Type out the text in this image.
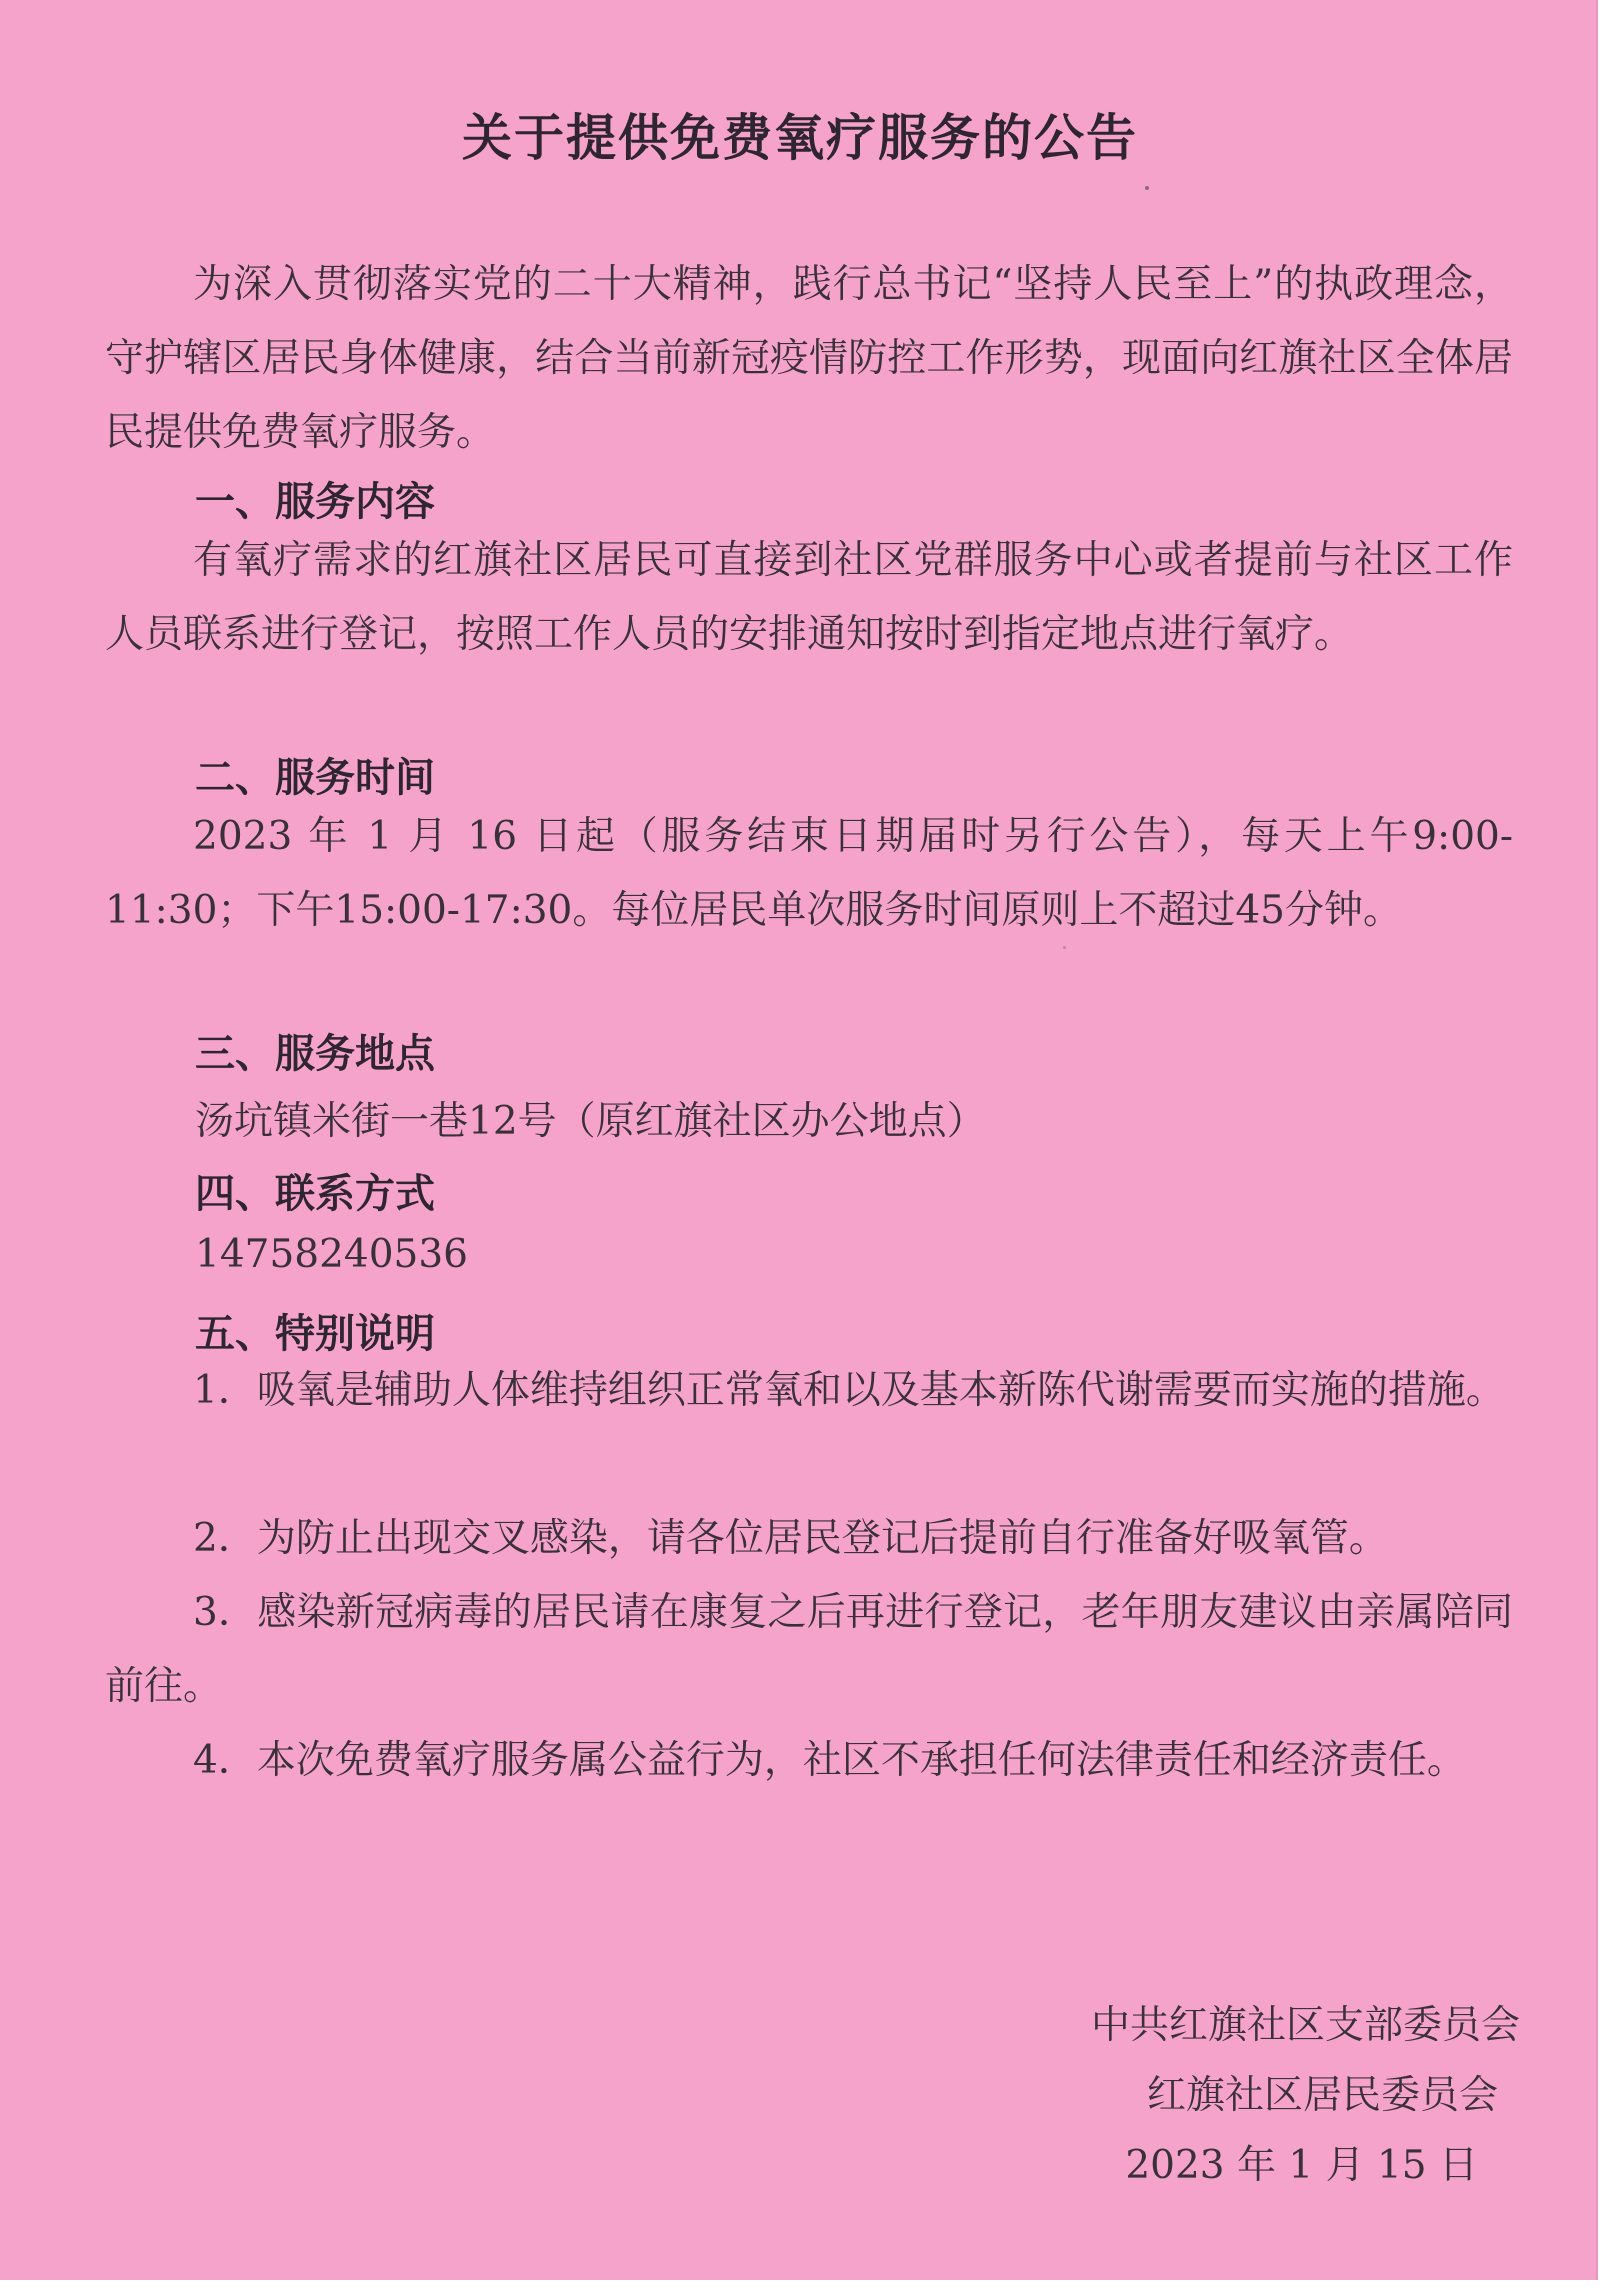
关于提供免费氧疗服务的公告
为深入贯彻落实党的二十大精神，践行总书记“坚持人民至上”的执政理念，守护辖区居民身体健康，结合当前新冠疫情防控工作形势，现面向红旗社区全体居民提供免费氧疗服务。
一、服务内容
有氧疗需求的红旗社区居民可直接到社区党群服务中心或者提前与社区工作人员联系进行登记，按照工作人员的安排通知按时到指定地点进行氧疗。
二、服务时间
2023 年 1 月 16 日起（服务结束日期届时另行公告），每天上午9:00-11:30；下午15:00-17:30。每位居民单次服务时间原则上不超过45分钟。
三、服务地点
汤坑镇米街一巷12号（原红旗社区办公地点）
四、联系方式
14758240536
五、特别说明
1．吸氧是辅助人体维持组织正常氧和以及基本新陈代谢需要而实施的措施。
2．为防止出现交叉感染，请各位居民登记后提前自行准备好吸氧管。
3．感染新冠病毒的居民请在康复之后再进行登记，老年朋友建议由亲属陪同前往。
4．本次免费氧疗服务属公益行为，社区不承担任何法律责任和经济责任。
中共红旗社区支部委员会
红旗社区居民委员会
2023 年 1 月 15 日
